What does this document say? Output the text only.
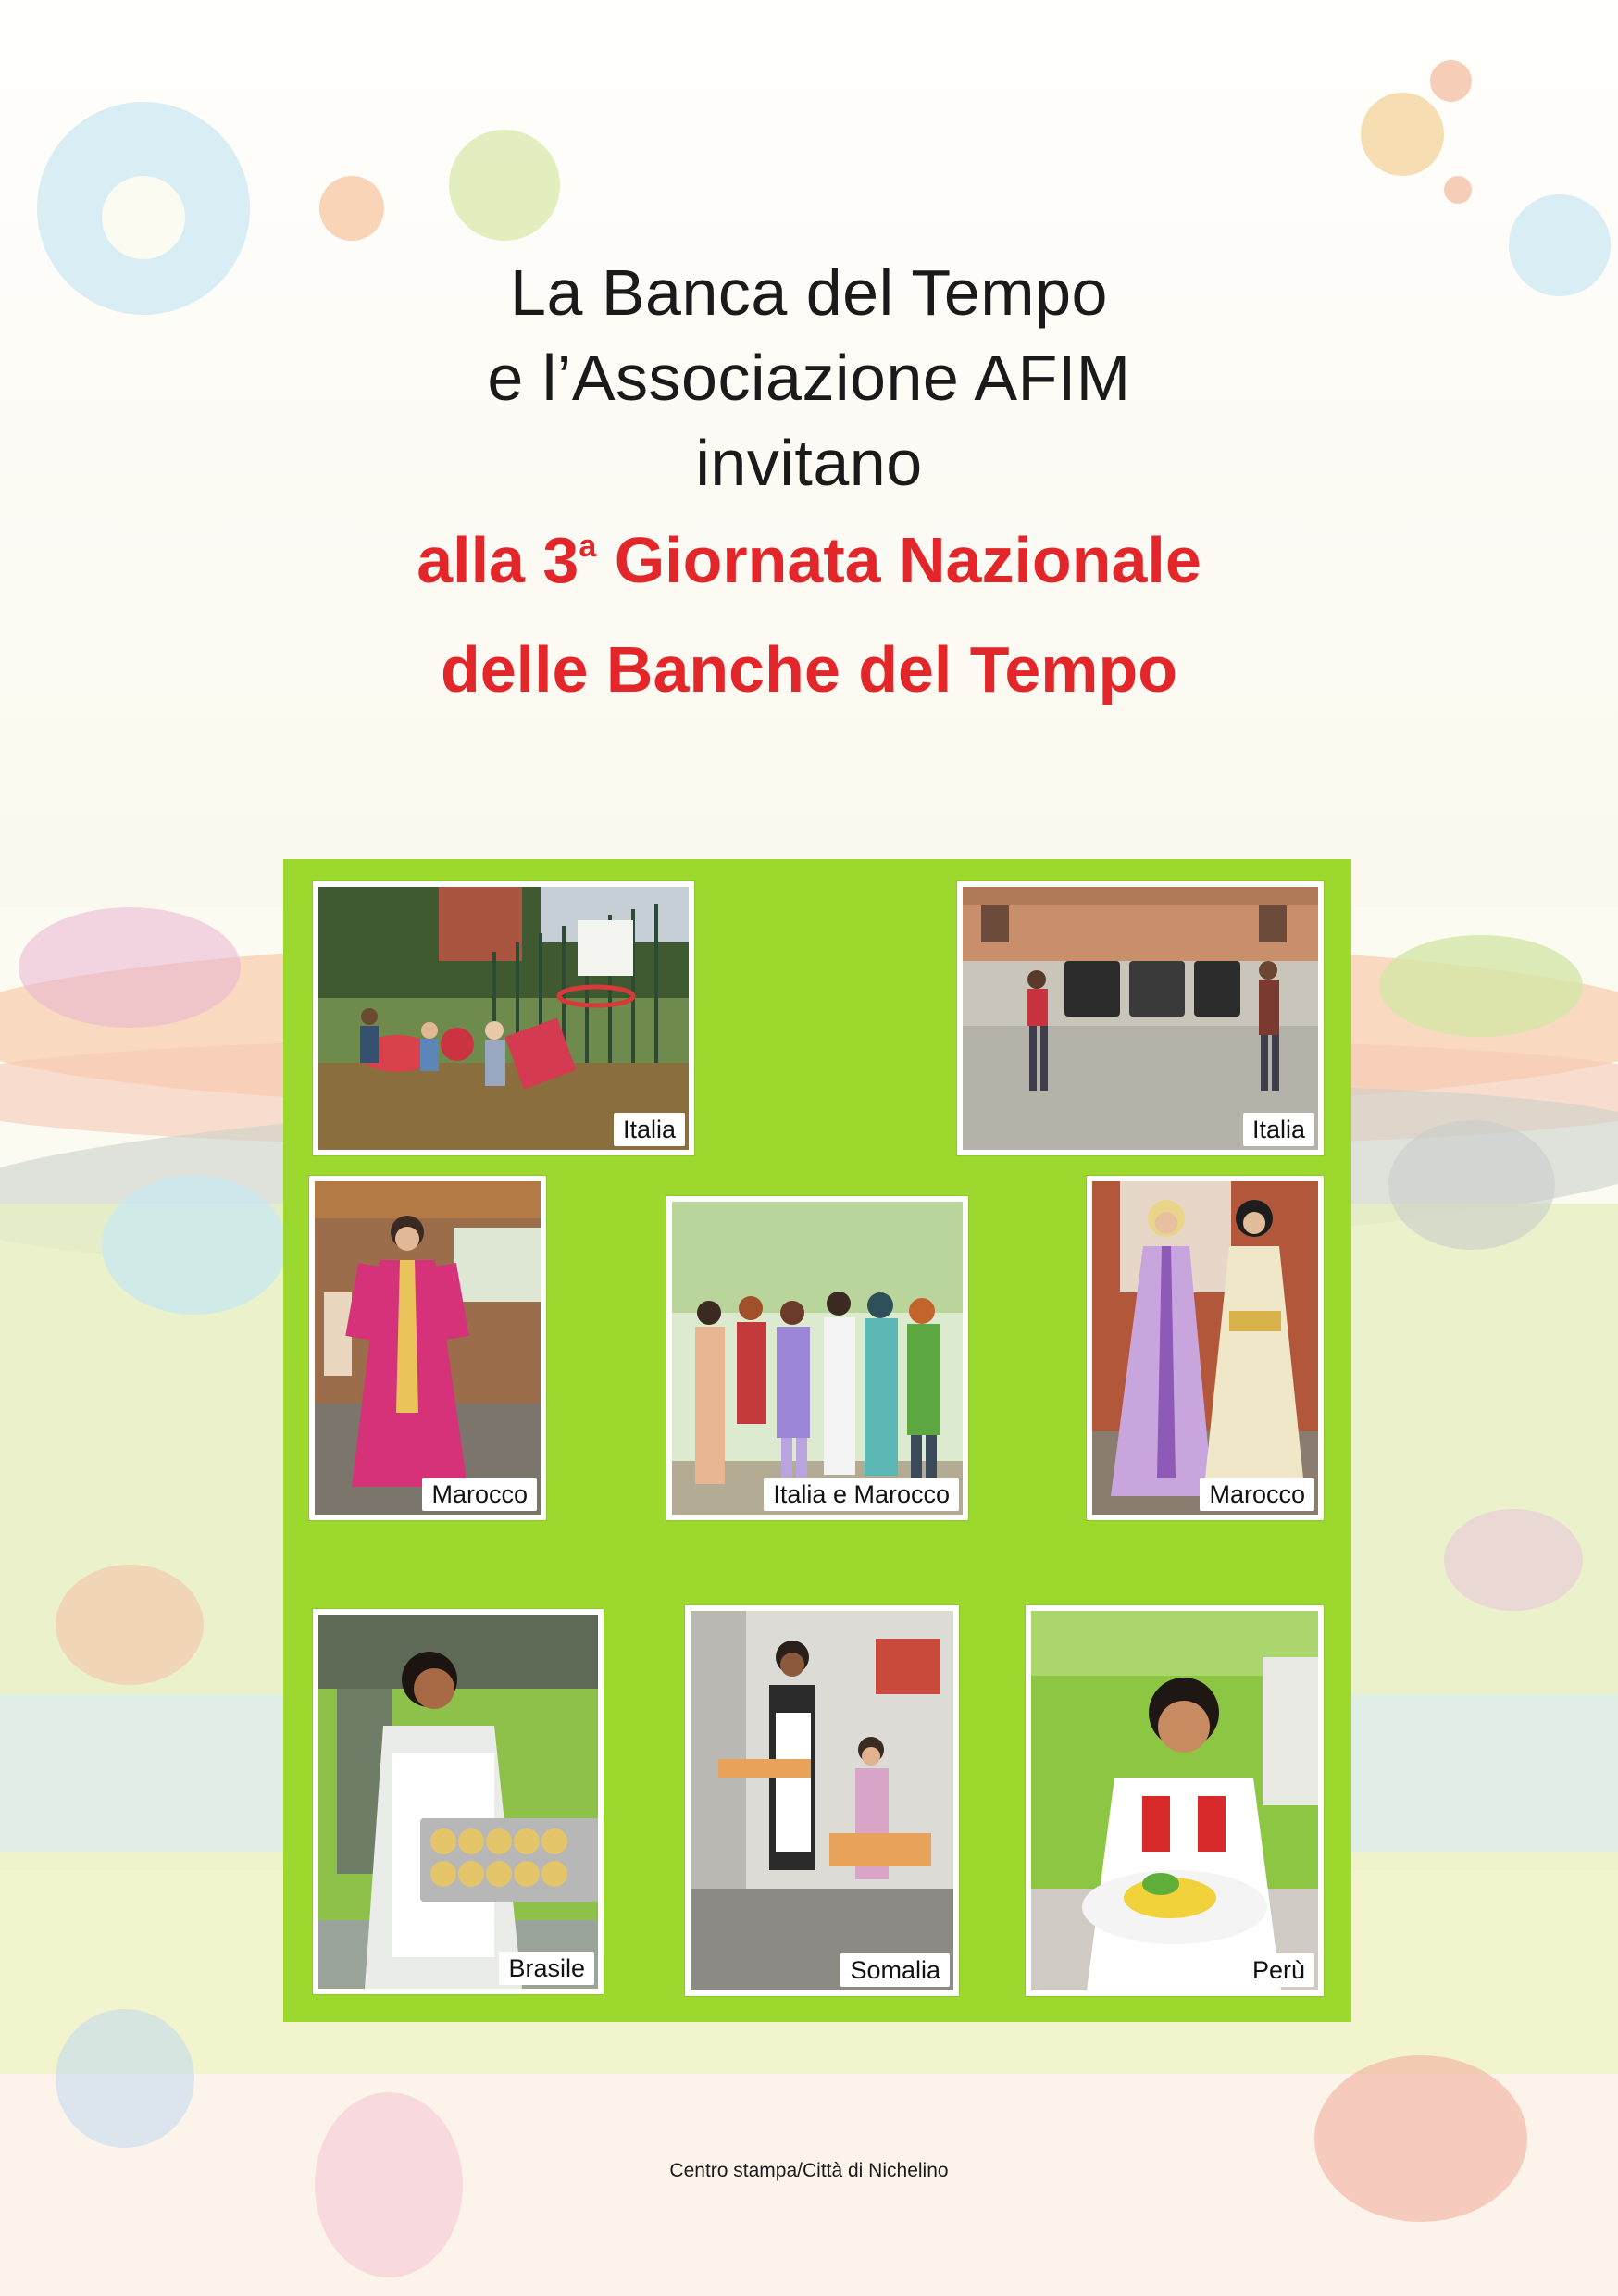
La Banca del Tempo
e l’Associazione AFIM
invitano
alla 3$^a$ Giornata Nazionale
delle Banche del Tempo
Italia	Italia
Marocco	Italia e Marocco	Marocco
Brasile	Somalia	Perù
Centro stampa/Città di Nichelino
